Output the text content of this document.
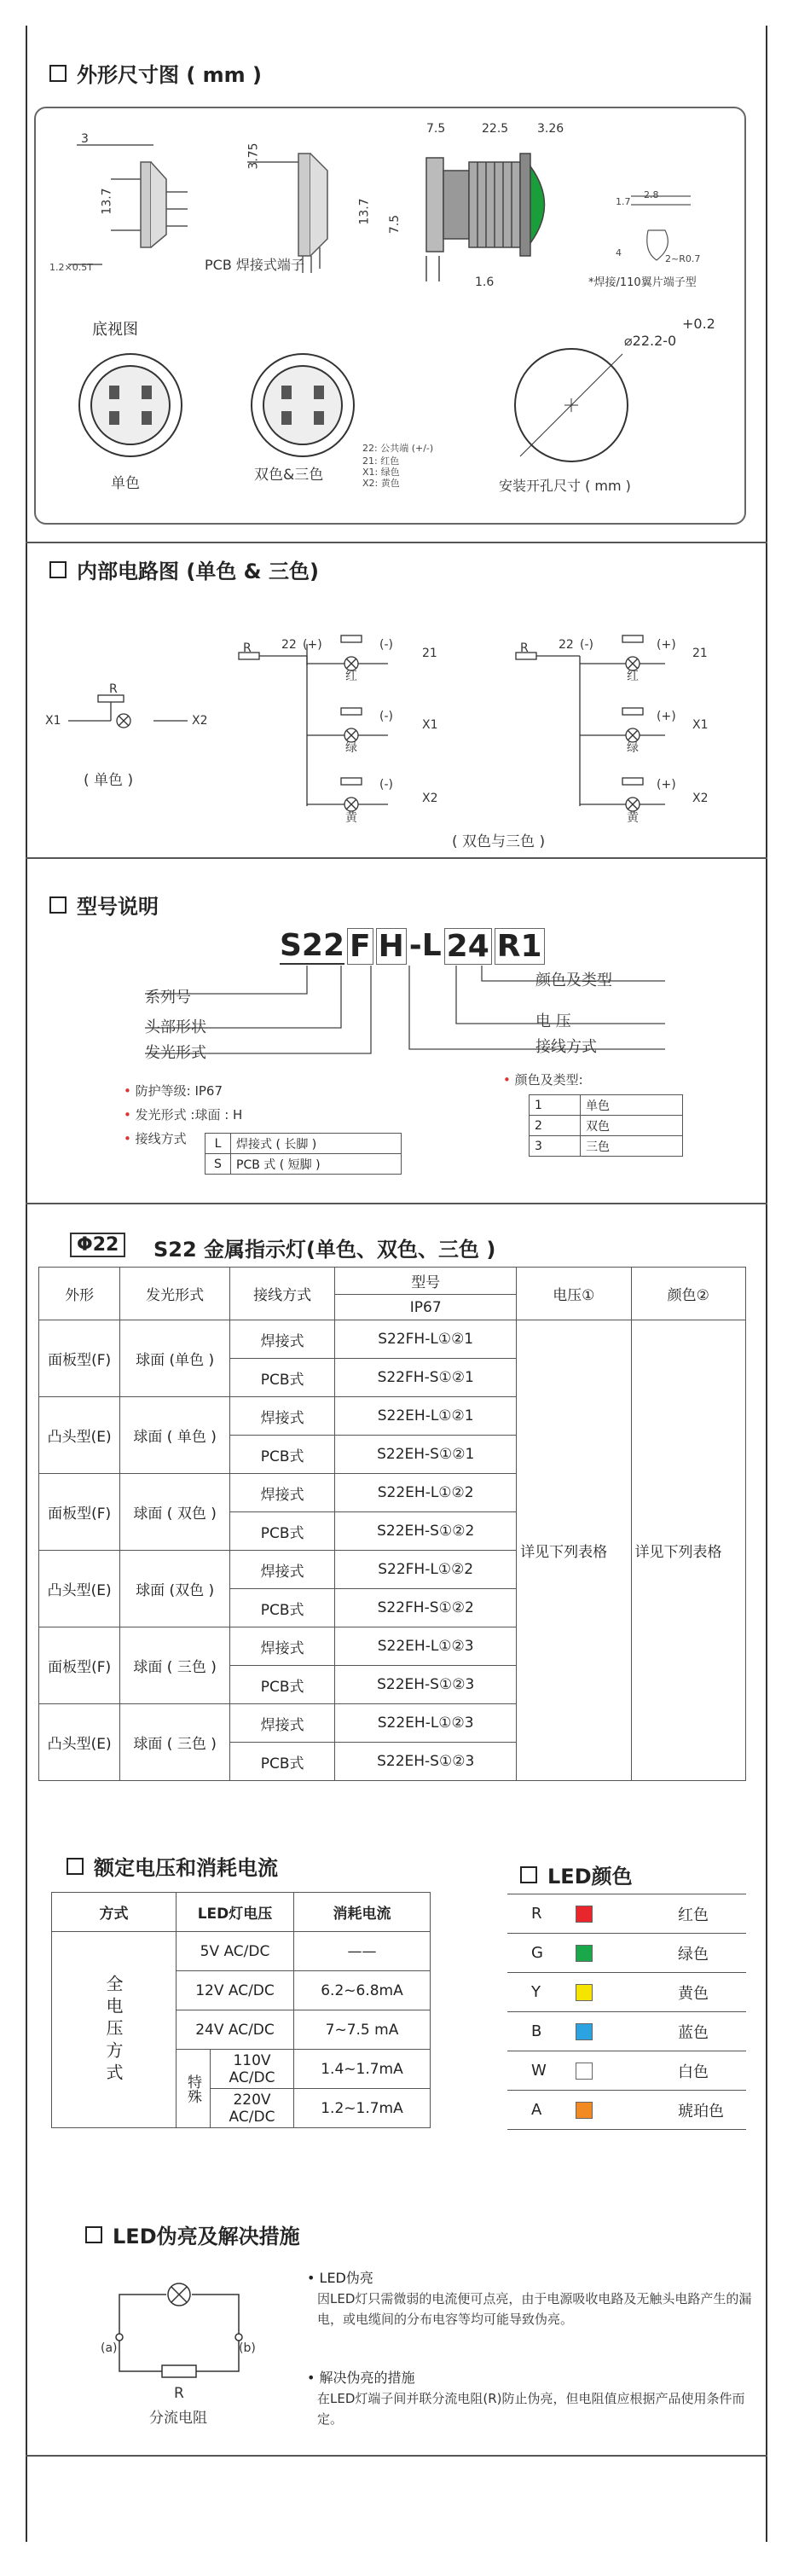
外形尺寸图 ( mm )
3
13.7
1.2×0.5T
3.75
PCB 焊接式端子
7.5	22.5 3.26
13.7 7.5
1.6
2.8
4
1.7
2~R0.7
*焊接/110翼片端子型
底视图
单色	双色&三色
22: 公共端 (+/-)
21: 红色
X1: 绿色
X2: 黄色
+0.2
⌀22.2-0
安装开孔尺寸 ( mm )
内部电路图 (单色 & 三色)
X1
R
X2
( 单色 )
R	22 (+)	(-)
(-)
(-)
21
X1
X2
红
绿
黄
R	22 (-)	(+)
(+)
(+)
21
X1
X2
红
绿
黄
( 双色与三色 )
型号说明
S22 F H -L 24 R1
系列号
头部形状
发光形式	接线方式
电 压
颜色及类型
• 防护等级: IP67
• 发光形式 :球面 : H
• 接线方式 L	焊接式 ( 长脚 )
S	PCB 式 ( 短脚 )
• 颜色及类型:
1	单色
2	双色
3	三色
Φ22	S22 金属指示灯(单色、双色、三色 )
外形	发光形式	接线方式	型号	电压①	颜色②
			IP67		
面板型(F)	球面 (单色 )	焊接式	S22FH-L①②1	详见下列表格	详见下列表格
		PCB式	S22FH-S①②1		
凸头型(E)	球面 ( 单色 )	焊接式	S22EH-L①②1		
		PCB式	S22EH-S①②1		
面板型(F)	球面 ( 双色 )	焊接式	S22EH-L①②2		
		PCB式	S22EH-S①②2		
凸头型(E)	球面 (双色 )	焊接式	S22FH-L①②2		
		PCB式	S22FH-S①②2		
面板型(F)	球面 ( 三色 )	焊接式	S22EH-L①②3		
		PCB式	S22EH-S①②3		
凸头型(E)	球面 ( 三色 )	焊接式	S22EH-L①②3		
		PCB式	S22EH-S①②3		
额定电压和消耗电流
方式	LED灯电压		消耗电流
全电压方式	5V AC/DC		——
	12V AC/DC		6.2~6.8mA
	24V AC/DC		7~7.5 mA
	特殊	110V AC/DC	1.4~1.7mA
		220V AC/DC	1.2~1.7mA
LED颜色
R		红色
G		绿色
Y		黄色
B		蓝色
W		白色
A		琥珀色
LED伪亮及解决措施
(a)	(b)
R
分流电阻
• LED伪亮
因LED灯只需微弱的电流便可点亮，由于电源吸收电路及无触头电路产生的漏电，或电缆间的分布电容等均可能导致伪亮。
• 解决伪亮的措施
在LED灯端子间并联分流电阻(R)防止伪亮，但电阻值应根据产品使用条件而定。
